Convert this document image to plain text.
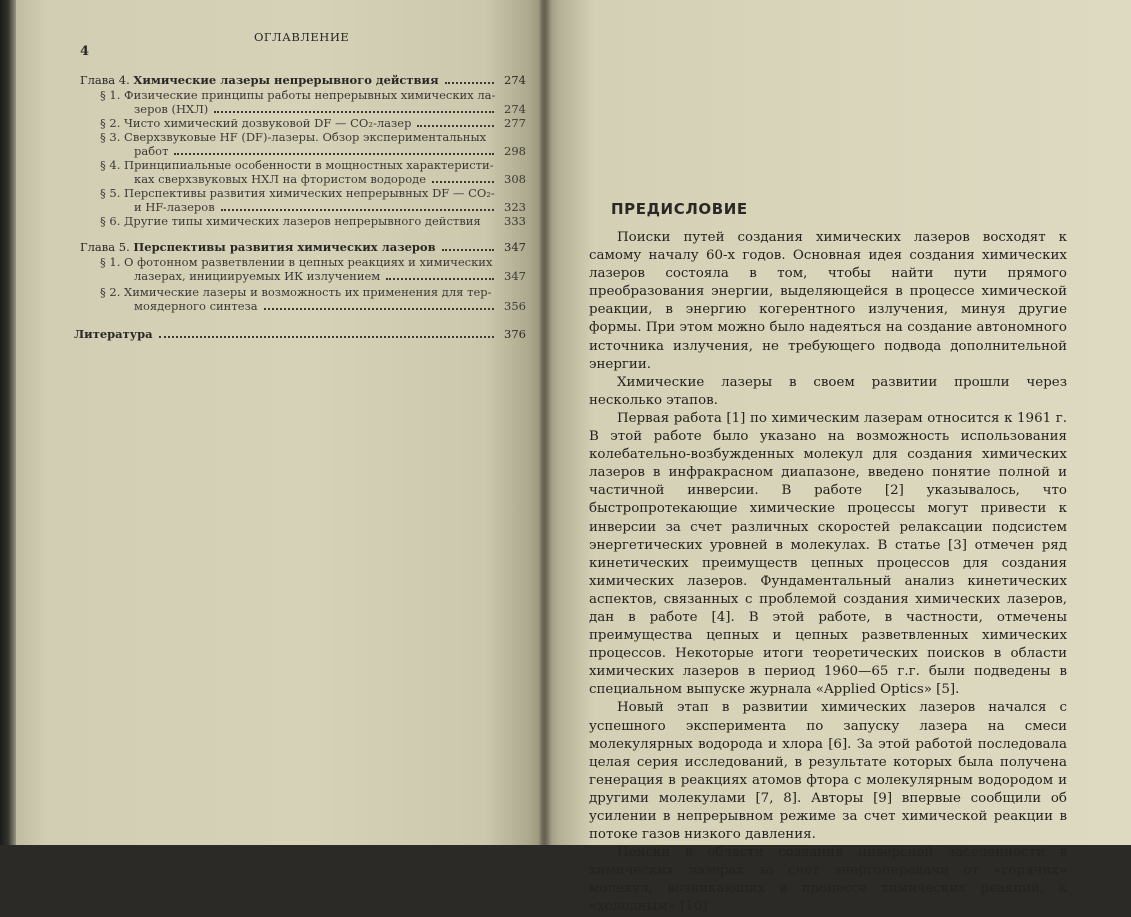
4
ОГЛАВЛЕНИЕ
Глава 4. Химические лазеры непрерывного действия	274
§ 1. Физические принципы работы непрерывных химических ла-
зеров (НХЛ)	274
§ 2. Чисто химический дозвуковой DF — CO₂-лазер	277
§ 3. Сверхзвуковые HF (DF)-лазеры. Обзор экспериментальных
работ	298
§ 4. Принципиальные особенности в мощностных характеристи-
ках сверхзвуковых НХЛ на фтористом водороде	308
§ 5. Перспективы развития химических непрерывных DF — CO₂-
и HF-лазеров	323
§ 6. Другие типы химических лазеров непрерывного действия	333
Глава 5. Перспективы развития химических лазеров	347
§ 1. О фотонном разветвлении в цепных реакциях и химических
лазерах, инициируемых ИК излучением	347
§ 2. Химические лазеры и возможность их применения для тер-
моядерного синтеза	356
Литература	376
ПРЕДИСЛОВИЕ

Поиски путей создания химических лазеров восходят к самому началу 60-х годов. Основная идея создания химических лазеров состояла в том, чтобы найти пути прямого преобразования энергии, выделяющейся в процессе химической реакции, в энергию когерентного излучения, минуя другие формы. При этом можно было надеяться на создание автономного источника излучения, не требующего подвода дополнительной энергии.

Химические лазеры в своем развитии прошли через несколько этапов.

Первая работа [1] по химическим лазерам относится к 1961 г. В этой работе было указано на возможность использования колебательно-возбужденных молекул для создания химических лазеров в инфракрасном диапазоне, введено понятие полной и частичной инверсии. В работе [2] указывалось, что быстропротекающие химические процессы могут привести к инверсии за счет различных скоростей релаксации подсистем энергетических уровней в молекулах. В статье [3] отмечен ряд кинетических преимуществ цепных процессов для создания химических лазеров. Фундаментальный анализ кинетических аспектов, связанных с проблемой создания химических лазеров, дан в работе [4]. В этой работе, в частности, отмечены преимущества цепных и цепных разветвленных химических процессов. Некоторые итоги теоретических поисков в области химических лазеров в период 1960—65 г.г. были подведены в специальном выпуске журнала «Applied Optics» [5].

Новый этап в развитии химических лазеров начался с успешного эксперимента по запуску лазера на смеси молекулярных водорода и хлора [6]. За этой работой последовала целая серия исследований, в результате которых была получена генерация в реакциях атомов фтора с молекулярным водородом и другими молекулами [7, 8]. Авторы [9] впервые сообщили об усилении в непрерывном режиме за счет химической реакции в потоке газов низкого давления.

Поиски в области создания инверсной заселенности в химических лазерах за счет энергопередачи от «горячих» молекул, возникающих в процессе химических реакций, к «холодным» [10]
